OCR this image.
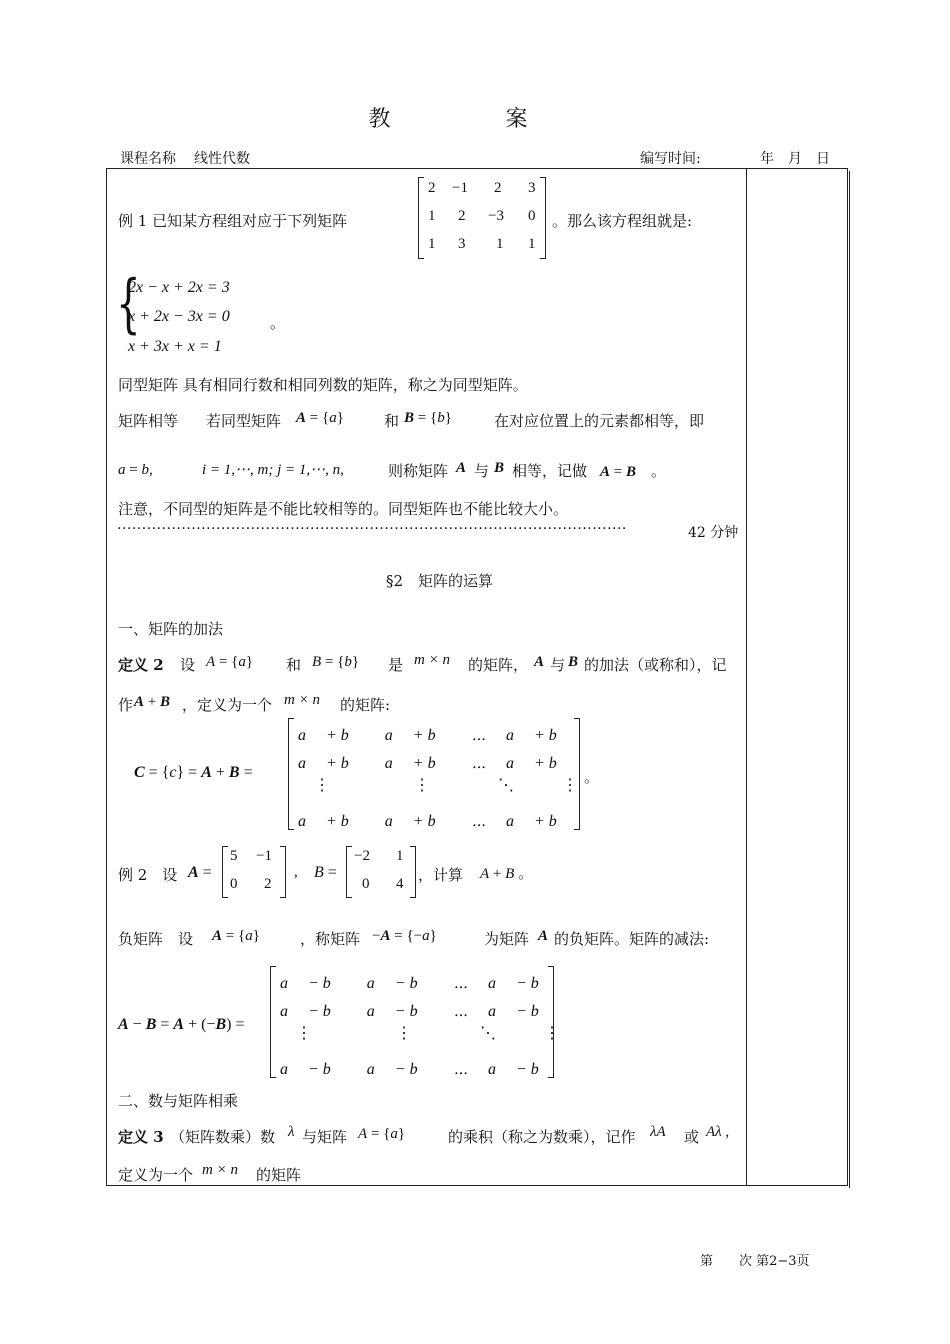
教 案
课程名称 线性代数	编写时间:	年　月　日
例 1 已知某方程组对应于下列矩阵
2 −1 2 3
1 2 −3 0
1 3 1 1
。那么该方程组就是:
{
2x − x + 2x = 3
x + 2x − 3x = 0
x + 3x + x = 1
。
同型矩阵 具有相同行数和相同列数的矩阵，称之为同型矩阵。
矩阵相等 若同型矩阵 A = {a}	和 B = {b}	在对应位置上的元素都相等，即
a = b,	i = 1,⋯, m; j = 1,⋯, n,	则称矩阵 A 与 B 相等，记做 A = B　。
注意，不同型的矩阵是不能比较相等的。同型矩阵也不能比较大小。
·······································································································	42 分钟
§2　矩阵的运算
一、矩阵的加法
定义 2 设 A = {a} 和 B = {b} 是 m × n 的矩阵， A 与 B 的加法（或称和），记
作 A + B ，定义为一个 m × n 的矩阵:
C = {c} = A + B =
a　 + b　　 a　 + b　　 ⋯　 a　 + b
a　 + b　　 a　 + b　　 ⋯　 a　 + b
　⋮　　　　　 ⋮　　　　 ⋱　　　⋮
a　 + b　　 a　 + b　　 ⋯　 a　 + b
。
例 2　设 A =
5 −1
0 2
, B =
−2 1
0 4 ，计算 A + B 。
负矩阵　设 A = {a}	，称矩阵 −A = {−a}	为矩阵 A 的负矩阵。矩阵的减法:
A − B = A + (−B) =
a　 − b　　 a　 − b　　 ⋯　 a　 − b
a　 − b　　 a　 − b　　 ⋯　 a　 − b
　⋮　　　　　 ⋮　　　　 ⋱　　　⋮
a　 − b　　 a　 − b　　 ⋯　 a　 − b
二、数与矩阵相乘
定义 3 （矩阵数乘）数 λ 与矩阵 A = {a}	的乘积（称之为数乘），记作 λA 或 Aλ ,
定义为一个 m × n 的矩阵
第　　次 第2−3页
